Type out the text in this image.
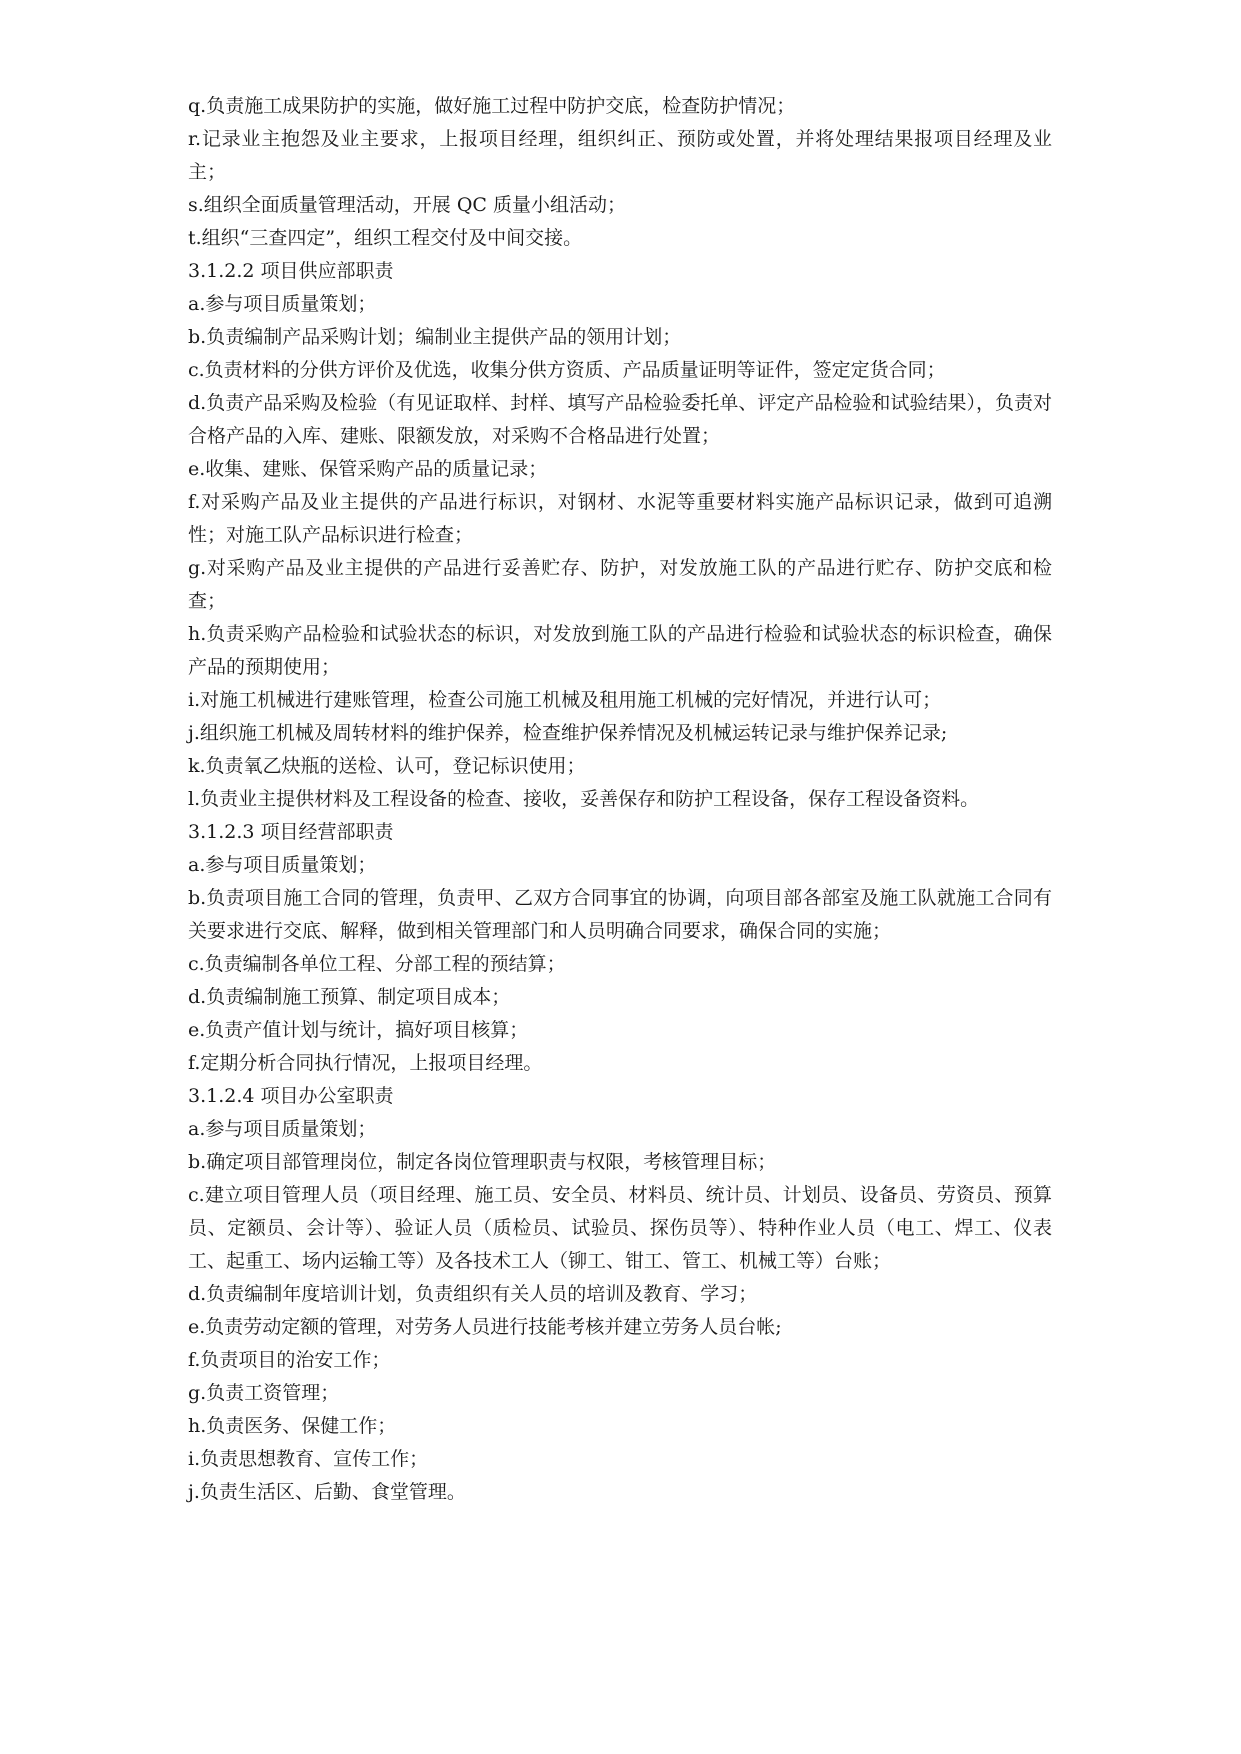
q.负责施工成果防护的实施，做好施工过程中防护交底，检查防护情况；

r.记录业主抱怨及业主要求，上报项目经理，组织纠正、预防或处置，并将处理结果报项目经理及业主；

s.组织全面质量管理活动，开展 QC 质量小组活动；

t.组织“三查四定”，组织工程交付及中间交接。

3.1.2.2 项目供应部职责

a.参与项目质量策划；

b.负责编制产品采购计划；编制业主提供产品的领用计划；

c.负责材料的分供方评价及优选，收集分供方资质、产品质量证明等证件，签定定货合同；

d.负责产品采购及检验（有见证取样、封样、填写产品检验委托单、评定产品检验和试验结果），负责对合格产品的入库、建账、限额发放，对采购不合格品进行处置；

e.收集、建账、保管采购产品的质量记录；

f.对采购产品及业主提供的产品进行标识，对钢材、水泥等重要材料实施产品标识记录，做到可追溯性；对施工队产品标识进行检查；

g.对采购产品及业主提供的产品进行妥善贮存、防护，对发放施工队的产品进行贮存、防护交底和检查；

h.负责采购产品检验和试验状态的标识，对发放到施工队的产品进行检验和试验状态的标识检查，确保产品的预期使用；

i.对施工机械进行建账管理，检查公司施工机械及租用施工机械的完好情况，并进行认可；

j.组织施工机械及周转材料的维护保养，检查维护保养情况及机械运转记录与维护保养记录;

k.负责氧乙炔瓶的送检、认可，登记标识使用；

l.负责业主提供材料及工程设备的检查、接收，妥善保存和防护工程设备，保存工程设备资料。

3.1.2.3 项目经营部职责

a.参与项目质量策划；

b.负责项目施工合同的管理，负责甲、乙双方合同事宜的协调，向项目部各部室及施工队就施工合同有关要求进行交底、解释，做到相关管理部门和人员明确合同要求，确保合同的实施；

c.负责编制各单位工程、分部工程的预结算；

d.负责编制施工预算、制定项目成本；

e.负责产值计划与统计，搞好项目核算；

f.定期分析合同执行情况，上报项目经理。

3.1.2.4 项目办公室职责

a.参与项目质量策划；

b.确定项目部管理岗位，制定各岗位管理职责与权限，考核管理目标；

c.建立项目管理人员（项目经理、施工员、安全员、材料员、统计员、计划员、设备员、劳资员、预算员、定额员、会计等）、验证人员（质检员、试验员、探伤员等）、特种作业人员（电工、焊工、仪表工、起重工、场内运输工等）及各技术工人（铆工、钳工、管工、机械工等）台账；

d.负责编制年度培训计划，负责组织有关人员的培训及教育、学习；

e.负责劳动定额的管理，对劳务人员进行技能考核并建立劳务人员台帐;

f.负责项目的治安工作；

g.负责工资管理；

h.负责医务、保健工作；

i.负责思想教育、宣传工作；

j.负责生活区、后勤、食堂管理。
